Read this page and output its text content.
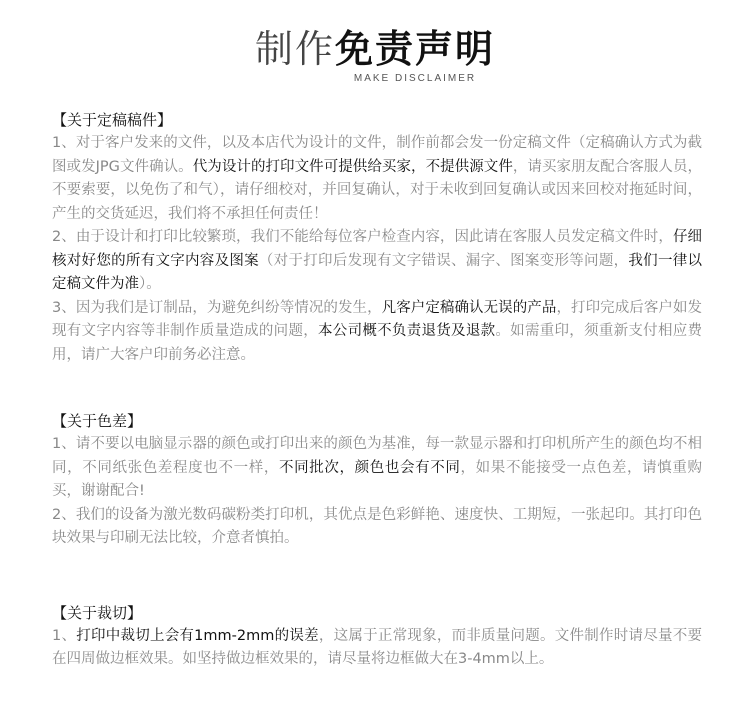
制作免责声明
MAKE DISCLAIMER
【关于定稿稿件】
1、对于客户发来的文件，以及本店代为设计的文件，制作前都会发一份定稿文件（定稿确认方式为截图或发JPG文件确认。代为设计的打印文件可提供给买家，不提供源文件，请买家朋友配合客服人员，不要索要，以免伤了和气），请仔细校对，并回复确认，对于未收到回复确认或因来回校对拖延时间，产生的交货延迟，我们将不承担任何责任！
2、由于设计和打印比较繁琐，我们不能给每位客户检查内容，因此请在客服人员发定稿文件时，仔细核对好您的所有文字内容及图案（对于打印后发现有文字错误、漏字、图案变形等问题，我们一律以定稿文件为准）。
3、因为我们是订制品，为避免纠纷等情况的发生，凡客户定稿确认无误的产品，打印完成后客户如发现有文字内容等非制作质量造成的问题，本公司概不负责退货及退款。如需重印，须重新支付相应费用，请广大客户印前务必注意。
【关于色差】
1、请不要以电脑显示器的颜色或打印出来的颜色为基准，每一款显示器和打印机所产生的颜色均不相同，不同纸张色差程度也不一样，不同批次，颜色也会有不同，如果不能接受一点色差，请慎重购买，谢谢配合!
2、我们的设备为激光数码碳粉类打印机，其优点是色彩鲜艳、速度快、工期短，一张起印。其打印色块效果与印刷无法比较，介意者慎拍。
【关于裁切】
1、打印中裁切上会有1mm-2mm的误差，这属于正常现象，而非质量问题。文件制作时请尽量不要在四周做边框效果。如坚持做边框效果的，请尽量将边框做大在3-4mm以上。
